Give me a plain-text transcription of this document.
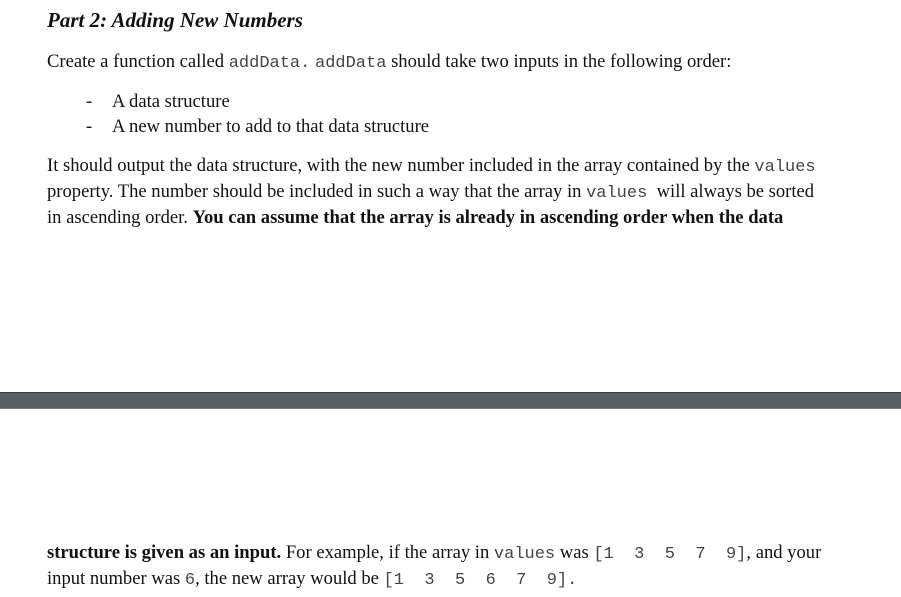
Part 2: Adding New Numbers

Create a function called addData. addData should take two inputs in the following order:

- A data structure
- A new number to add to that data structure

It should output the data structure, with the new number included in the array contained by the values

property. The number should be included in such a way that the array in values  will always be sorted

in ascending order. You can assume that the array is already in ascending order when the data

structure is given as an input. For example, if the array in values was [1  3  5  7  9], and your

input number was 6, the new array would be [1  3  5  6  7  9].
